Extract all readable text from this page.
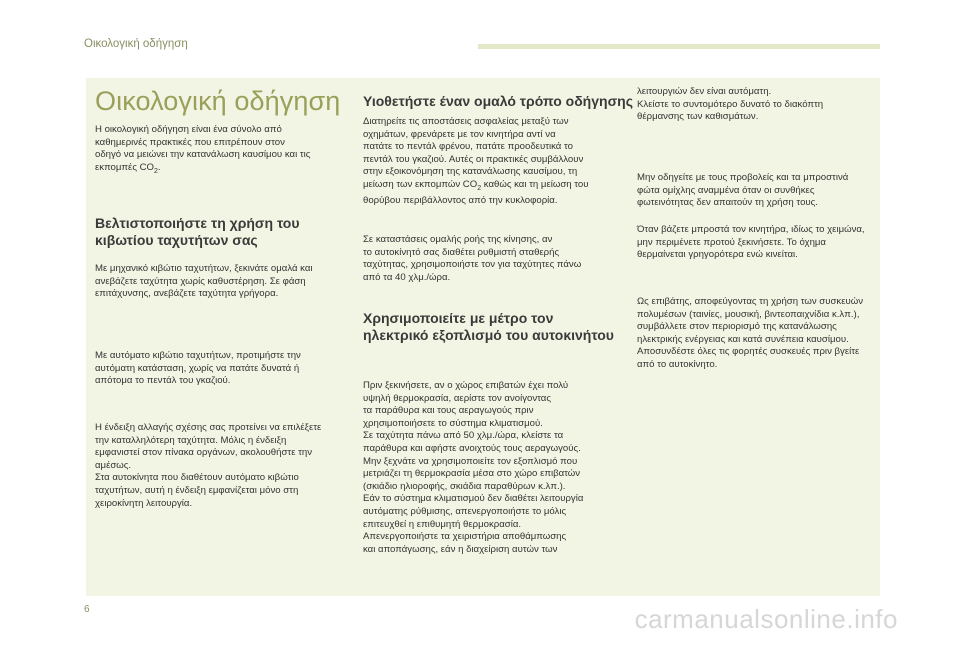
Οικολογική οδήγηση
Οικολογική οδήγηση

Η οικολογική οδήγηση είναι ένα σύνολο από
καθημερινές πρακτικές που επιτρέπουν στον
οδηγό να μειώνει την κατανάλωση καυσίμου και τις
εκπομπές $CO_2$.

Βελτιστοποιήστε τη χρήση του
κιβωτίου ταχυτήτων σας

Με μηχανικό κιβώτιο ταχυτήτων, ξεκινάτε ομαλά και
ανεβάζετε ταχύτητα χωρίς καθυστέρηση. Σε φάση
επιτάχυνσης, ανεβάζετε ταχύτητα γρήγορα.

Με αυτόματο κιβώτιο ταχυτήτων, προτιμήστε την
αυτόματη κατάσταση, χωρίς να πατάτε δυνατά ή
απότομα το πεντάλ του γκαζιού.

Η ένδειξη αλλαγής σχέσης σας προτείνει να επιλέξετε
την καταλληλότερη ταχύτητα. Μόλις η ένδειξη
εμφανιστεί στον πίνακα οργάνων, ακολουθήστε την
αμέσως.
Στα αυτοκίνητα που διαθέτουν αυτόματο κιβώτιο
ταχυτήτων, αυτή η ένδειξη εμφανίζεται μόνο στη
χειροκίνητη λειτουργία.

Υιοθετήστε έναν ομαλό τρόπο οδήγησης

Διατηρείτε τις αποστάσεις ασφαλείας μεταξύ των
οχημάτων, φρενάρετε με τον κινητήρα αντί να
πατάτε το πεντάλ φρένου, πατάτε προοδευτικά το
πεντάλ του γκαζιού. Αυτές οι πρακτικές συμβάλλουν
στην εξοικονόμηση της κατανάλωσης καυσίμου, τη
μείωση των εκπομπών $CO_2$ καθώς και τη μείωση του
θορύβου περιβάλλοντος από την κυκλοφορία.

Σε καταστάσεις ομαλής ροής της κίνησης, αν
το αυτοκίνητό σας διαθέτει ρυθμιστή σταθερής
ταχύτητας, χρησιμοποιήστε τον για ταχύτητες πάνω
από τα 40 χλμ./ώρα.

Χρησιμοποιείτε με μέτρο τον
ηλεκτρικό εξοπλισμό του αυτοκινήτου

Πριν ξεκινήσετε, αν ο χώρος επιβατών έχει πολύ
υψηλή θερμοκρασία, αερίστε τον ανοίγοντας
τα παράθυρα και τους αεραγωγούς πριν
χρησιμοποιήσετε το σύστημα κλιματισμού.
Σε ταχύτητα πάνω από 50 χλμ./ώρα, κλείστε τα
παράθυρα και αφήστε ανοιχτούς τους αεραγωγούς.
Μην ξεχνάτε να χρησιμοποιείτε τον εξοπλισμό που
μετριάζει τη θερμοκρασία μέσα στο χώρο επιβατών
(σκιάδιο ηλιοροφής, σκιάδια παραθύρων κ.λπ.).
Εάν το σύστημα κλιματισμού δεν διαθέτει λειτουργία
αυτόματης ρύθμισης, απενεργοποιήστε το μόλις
επιτευχθεί η επιθυμητή θερμοκρασία.
Απενεργοποιήστε τα χειριστήρια αποθάμπωσης
και αποπάγωσης, εάν η διαχείριση αυτών των

λειτουργιών δεν είναι αυτόματη.
Κλείστε το συντομότερο δυνατό το διακόπτη
θέρμανσης των καθισμάτων.

Μην οδηγείτε με τους προβολείς και τα μπροστινά
φώτα ομίχλης αναμμένα όταν οι συνθήκες
φωτεινότητας δεν απαιτούν τη χρήση τους.

Όταν βάζετε μπροστά τον κινητήρα, ιδίως το χειμώνα,
μην περιμένετε προτού ξεκινήσετε. Το όχημα
θερμαίνεται γρηγορότερα ενώ κινείται.

Ως επιβάτης, αποφεύγοντας τη χρήση των συσκευών
πολυμέσων (ταινίες, μουσική, βιντεοπαιχνίδια κ.λπ.),
συμβάλλετε στον περιορισμό της κατανάλωσης
ηλεκτρικής ενέργειας και κατά συνέπεια καυσίμου.
Αποσυνδέστε όλες τις φορητές συσκευές πριν βγείτε
από το αυτοκίνητο.

6	carmanualsonline.info
